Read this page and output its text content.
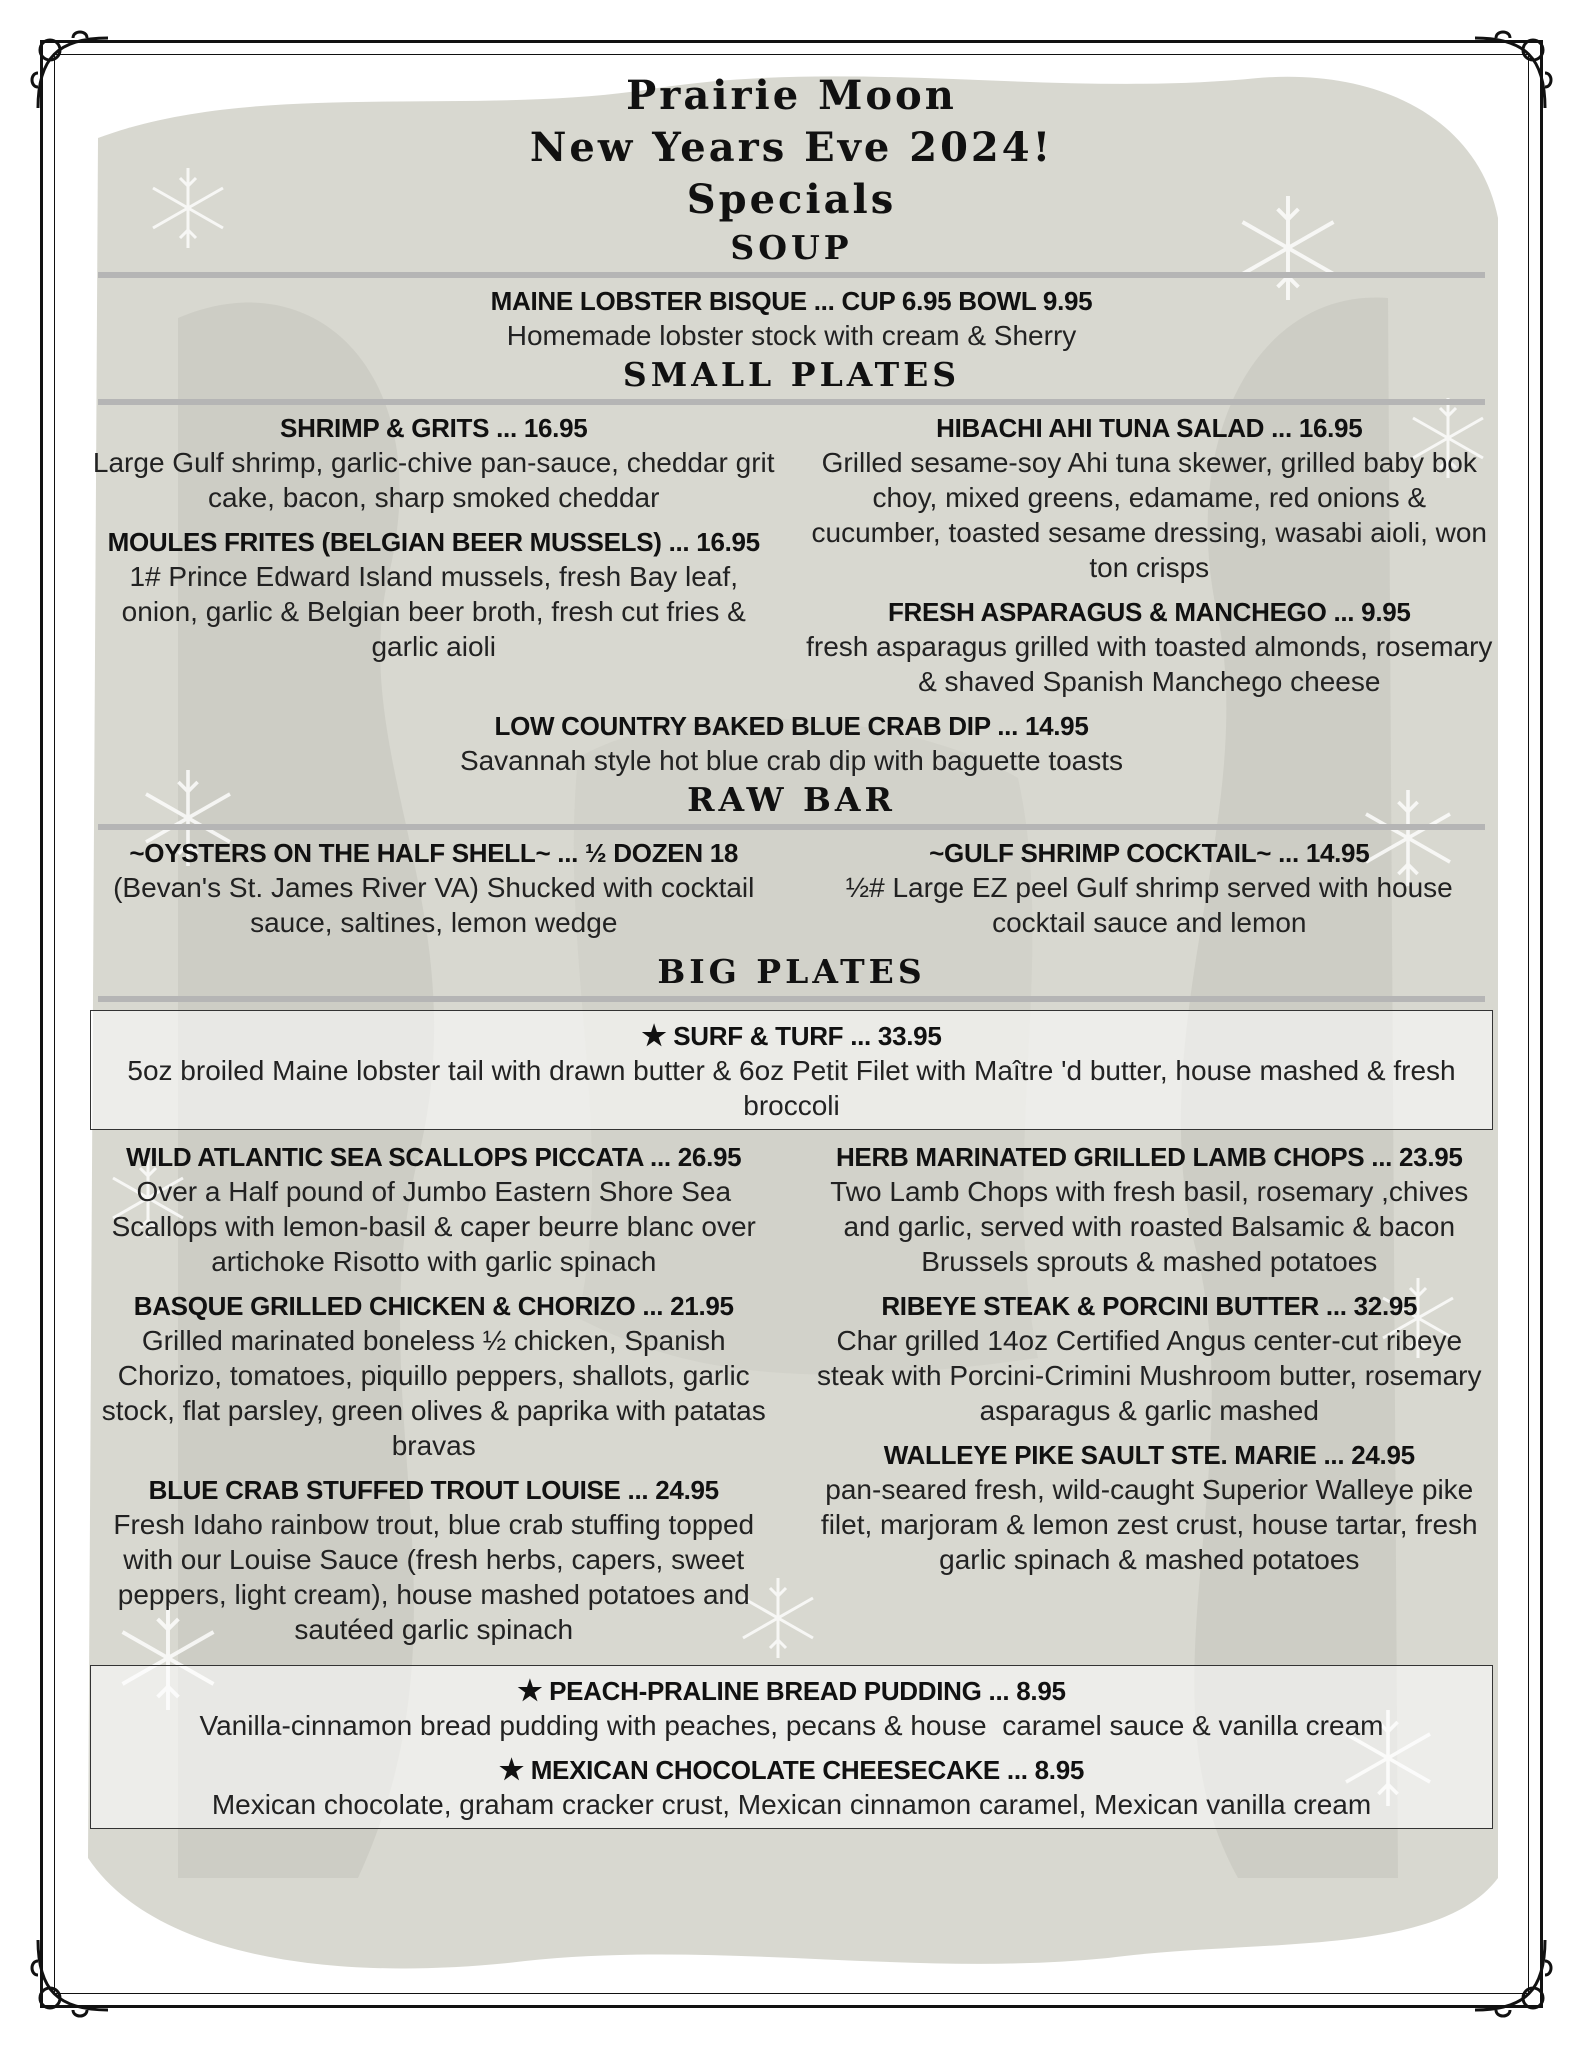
Prairie Moon
New Years Eve 2024!
Specials
SOUP
MAINE LOBSTER BISQUE ... CUP 6.95 BOWL 9.95
Homemade lobster stock with cream & Sherry
SMALL PLATES
SHRIMP & GRITS ... 16.95
Large Gulf shrimp, garlic-chive pan-sauce, cheddar grit cake, bacon, sharp smoked cheddar
MOULES FRITES (BELGIAN BEER MUSSELS) ... 16.95
1# Prince Edward Island mussels, fresh Bay leaf, onion, garlic & Belgian beer broth, fresh cut fries & garlic aioli
HIBACHI AHI TUNA SALAD ... 16.95
Grilled sesame-soy Ahi tuna skewer, grilled baby bok choy, mixed greens, edamame, red onions & cucumber, toasted sesame dressing, wasabi aioli, won ton crisps
FRESH ASPARAGUS & MANCHEGO ... 9.95
fresh asparagus grilled with toasted almonds, rosemary & shaved Spanish Manchego cheese
LOW COUNTRY BAKED BLUE CRAB DIP ... 14.95
Savannah style hot blue crab dip with baguette toasts
RAW BAR
~OYSTERS ON THE HALF SHELL~ ... ½ DOZEN 18
(Bevan's St. James River VA) Shucked with cocktail sauce, saltines, lemon wedge
~GULF SHRIMP COCKTAIL~ ... 14.95
½# Large EZ peel Gulf shrimp served with house cocktail sauce and lemon
BIG PLATES
★ SURF & TURF ... 33.95
5oz broiled Maine lobster tail with drawn butter & 6oz Petit Filet with Maître 'd butter, house mashed & fresh broccoli
WILD ATLANTIC SEA SCALLOPS PICCATA ... 26.95
Over a Half pound of Jumbo Eastern Shore Sea Scallops with lemon-basil & caper beurre blanc over artichoke Risotto with garlic spinach
BASQUE GRILLED CHICKEN & CHORIZO ... 21.95
Grilled marinated boneless ½ chicken, Spanish Chorizo, tomatoes, piquillo peppers, shallots, garlic stock, flat parsley, green olives & paprika with patatas bravas
BLUE CRAB STUFFED TROUT LOUISE ... 24.95
Fresh Idaho rainbow trout, blue crab stuffing topped with our Louise Sauce (fresh herbs, capers, sweet peppers, light cream), house mashed potatoes and sautéed garlic spinach
HERB MARINATED GRILLED LAMB CHOPS ... 23.95
Two Lamb Chops with fresh basil, rosemary ,chives and garlic, served with roasted Balsamic & bacon Brussels sprouts & mashed potatoes
RIBEYE STEAK & PORCINI BUTTER ... 32.95
Char grilled 14oz Certified Angus center-cut ribeye steak with Porcini-Crimini Mushroom butter, rosemary asparagus & garlic mashed
WALLEYE PIKE SAULT STE. MARIE ... 24.95
pan-seared fresh, wild-caught Superior Walleye pike filet, marjoram & lemon zest crust, house tartar, fresh garlic spinach & mashed potatoes
★ PEACH-PRALINE BREAD PUDDING ... 8.95
Vanilla-cinnamon bread pudding with peaches, pecans & house  caramel sauce & vanilla cream
★ MEXICAN CHOCOLATE CHEESECAKE ... 8.95
Mexican chocolate, graham cracker crust, Mexican cinnamon caramel, Mexican vanilla cream
